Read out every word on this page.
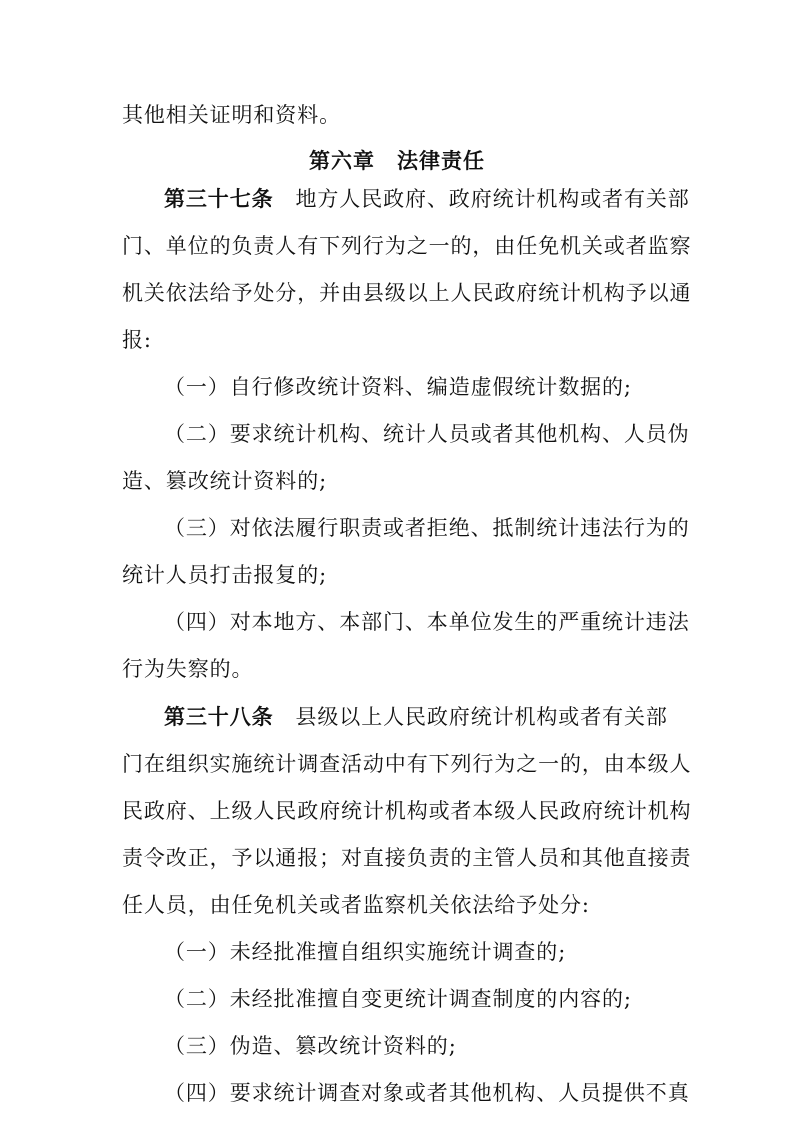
其他相关证明和资料。
第六章 法律责任
第三十七条 地方人民政府、政府统计机构或者有关部
门、单位的负责人有下列行为之一的，由任免机关或者监察
机关依法给予处分，并由县级以上人民政府统计机构予以通
报:
（一）自行修改统计资料、编造虚假统计数据的;
（二）要求统计机构、统计人员或者其他机构、人员伪
造、篡改统计资料的;
（三）对依法履行职责或者拒绝、抵制统计违法行为的
统计人员打击报复的;
（四）对本地方、本部门、本单位发生的严重统计违法
行为失察的。
第三十八条 县级以上人民政府统计机构或者有关部
门在组织实施统计调查活动中有下列行为之一的，由本级人
民政府、上级人民政府统计机构或者本级人民政府统计机构
责令改正，予以通报；对直接负责的主管人员和其他直接责
任人员，由任免机关或者监察机关依法给予处分:
（一）未经批准擅自组织实施统计调查的;
（二）未经批准擅自变更统计调查制度的内容的;
（三）伪造、篡改统计资料的;
（四）要求统计调查对象或者其他机构、人员提供不真
